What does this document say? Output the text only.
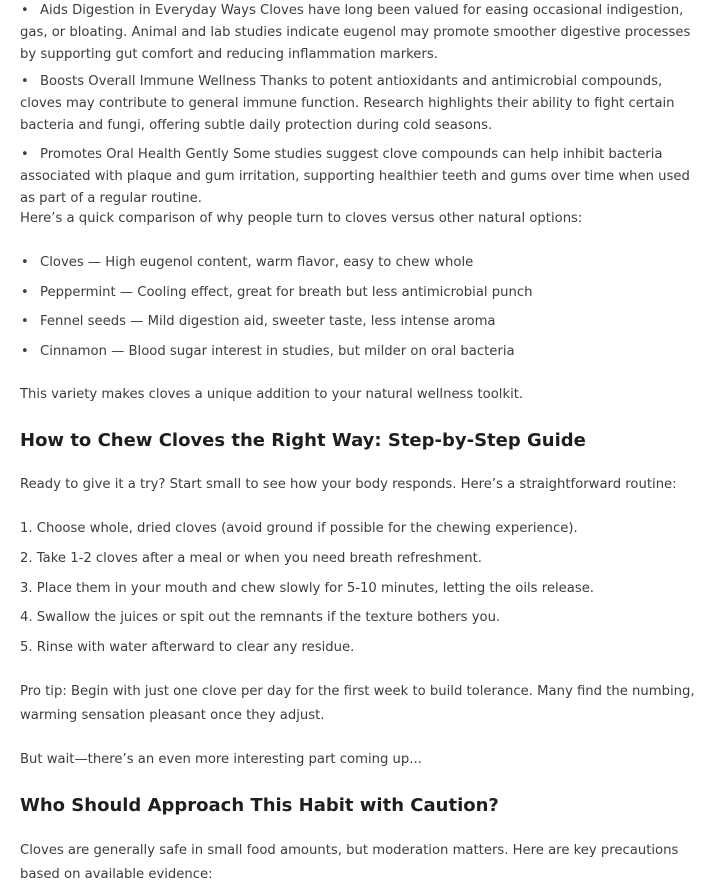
• Aids Digestion in Everyday Ways Cloves have long been valued for easing occasional indigestion, gas, or bloating. Animal and lab studies indicate eugenol may promote smoother digestive processes by supporting gut comfort and reducing inflammation markers.
• Boosts Overall Immune Wellness Thanks to potent antioxidants and antimicrobial compounds, cloves may contribute to general immune function. Research highlights their ability to fight certain bacteria and fungi, offering subtle daily protection during cold seasons.
• Promotes Oral Health Gently Some studies suggest clove compounds can help inhibit bacteria associated with plaque and gum irritation, supporting healthier teeth and gums over time when used as part of a regular routine.

Here’s a quick comparison of why people turn to cloves versus other natural options:

• Cloves — High eugenol content, warm flavor, easy to chew whole
• Peppermint — Cooling effect, great for breath but less antimicrobial punch
• Fennel seeds — Mild digestion aid, sweeter taste, less intense aroma
• Cinnamon — Blood sugar interest in studies, but milder on oral bacteria

This variety makes cloves a unique addition to your natural wellness toolkit.

How to Chew Cloves the Right Way: Step-by-Step Guide

Ready to give it a try? Start small to see how your body responds. Here’s a straightforward routine:

1. Choose whole, dried cloves (avoid ground if possible for the chewing experience).

2. Take 1-2 cloves after a meal or when you need breath refreshment.

3. Place them in your mouth and chew slowly for 5-10 minutes, letting the oils release.

4. Swallow the juices or spit out the remnants if the texture bothers you.

5. Rinse with water afterward to clear any residue.

Pro tip: Begin with just one clove per day for the first week to build tolerance. Many find the numbing, warming sensation pleasant once they adjust.

But wait—there’s an even more interesting part coming up...

Who Should Approach This Habit with Caution?

Cloves are generally safe in small food amounts, but moderation matters. Here are key precautions based on available evidence:
